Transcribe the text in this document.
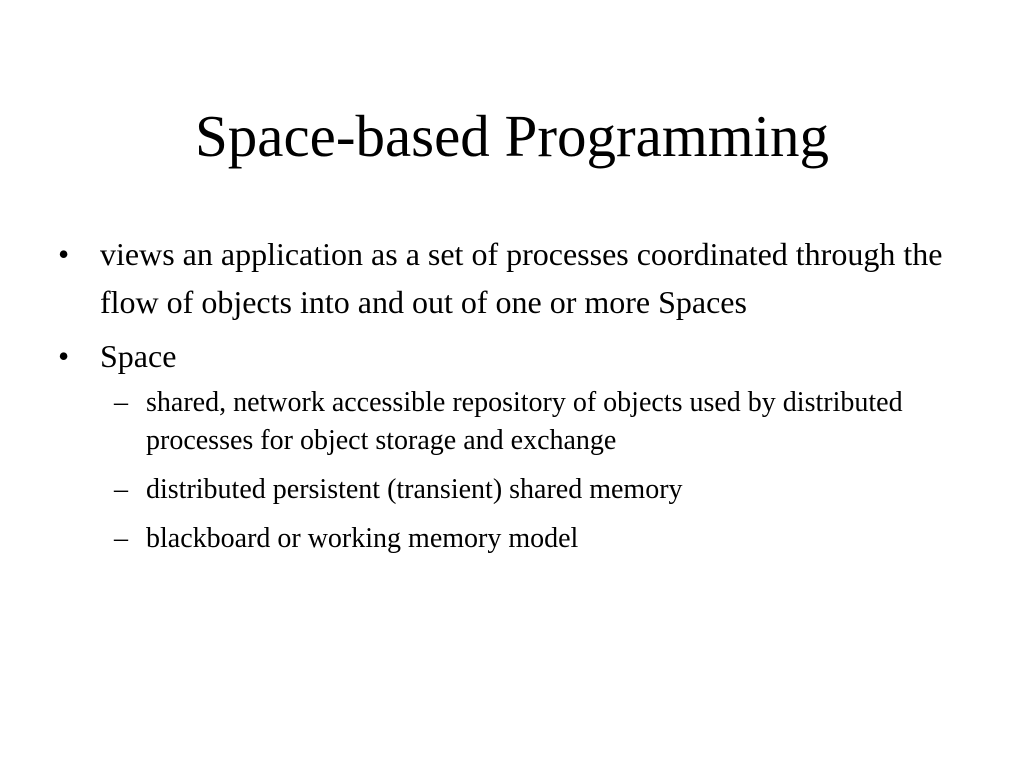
Space-based Programming
• views an application as a set of processes coordinated through the flow of objects into and out of one or more Spaces
• Space
– shared, network accessible repository of objects used by distributed processes for object storage and exchange
– distributed persistent (transient) shared memory
– blackboard or working memory model
